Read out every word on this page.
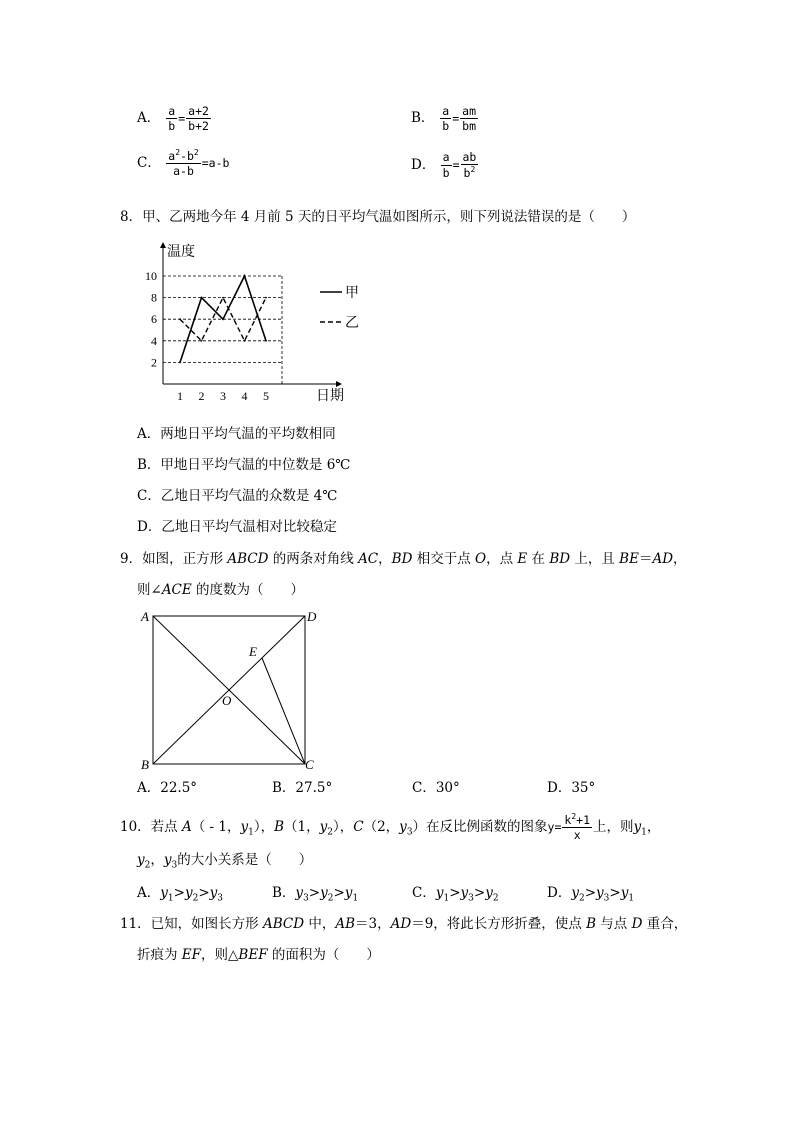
A． $\frac{a}{b} = \frac{a+2}{b+2}$	B． $\frac{a}{b} = \frac{am}{bm}$
C． $\frac{a^2-b^2}{a-b} =a-b$	D． $\frac{a}{b} = \frac{ab}{b^2}$
8．甲、乙两地今年 4 月前 5 天的日平均气温如图所示，则下列说法错误的是（　　）
2
4
6
8
10
1 2 3 4 5
温度
日期
甲
乙
A．两地日平均气温的平均数相同
B．甲地日平均气温的中位数是 6℃
C．乙地日平均气温的众数是 4℃
D．乙地日平均气温相对比较稳定
9．如图，正方形 ABCD 的两条对角线 AC，BD 相交于点 O，点 E 在 BD 上，且 BE＝AD，
则∠ACE 的度数为（　　）
A	D
B	C
E
O
A．22.5°	B．27.5°	C．30°	D．35°
10．若点 A（ - 1，$y_1$），B（1，$y_2$），C（2，$y_3$）在反比例函数的图象$y= \frac{k^2+1}{x}$ 上，则$y_1$，
$y_2$，$y_3$的大小关系是（　　）
A．$y_1>y_2>y_3$	B．$y_3>y_2>y_1$	C．$y_1>y_3>y_2$	D．$y_2>y_3>y_1$
11．已知，如图长方形 ABCD 中，AB＝3，AD＝9，将此长方形折叠，使点 B 与点 D 重合，
折痕为 EF，则△BEF 的面积为（　　）
